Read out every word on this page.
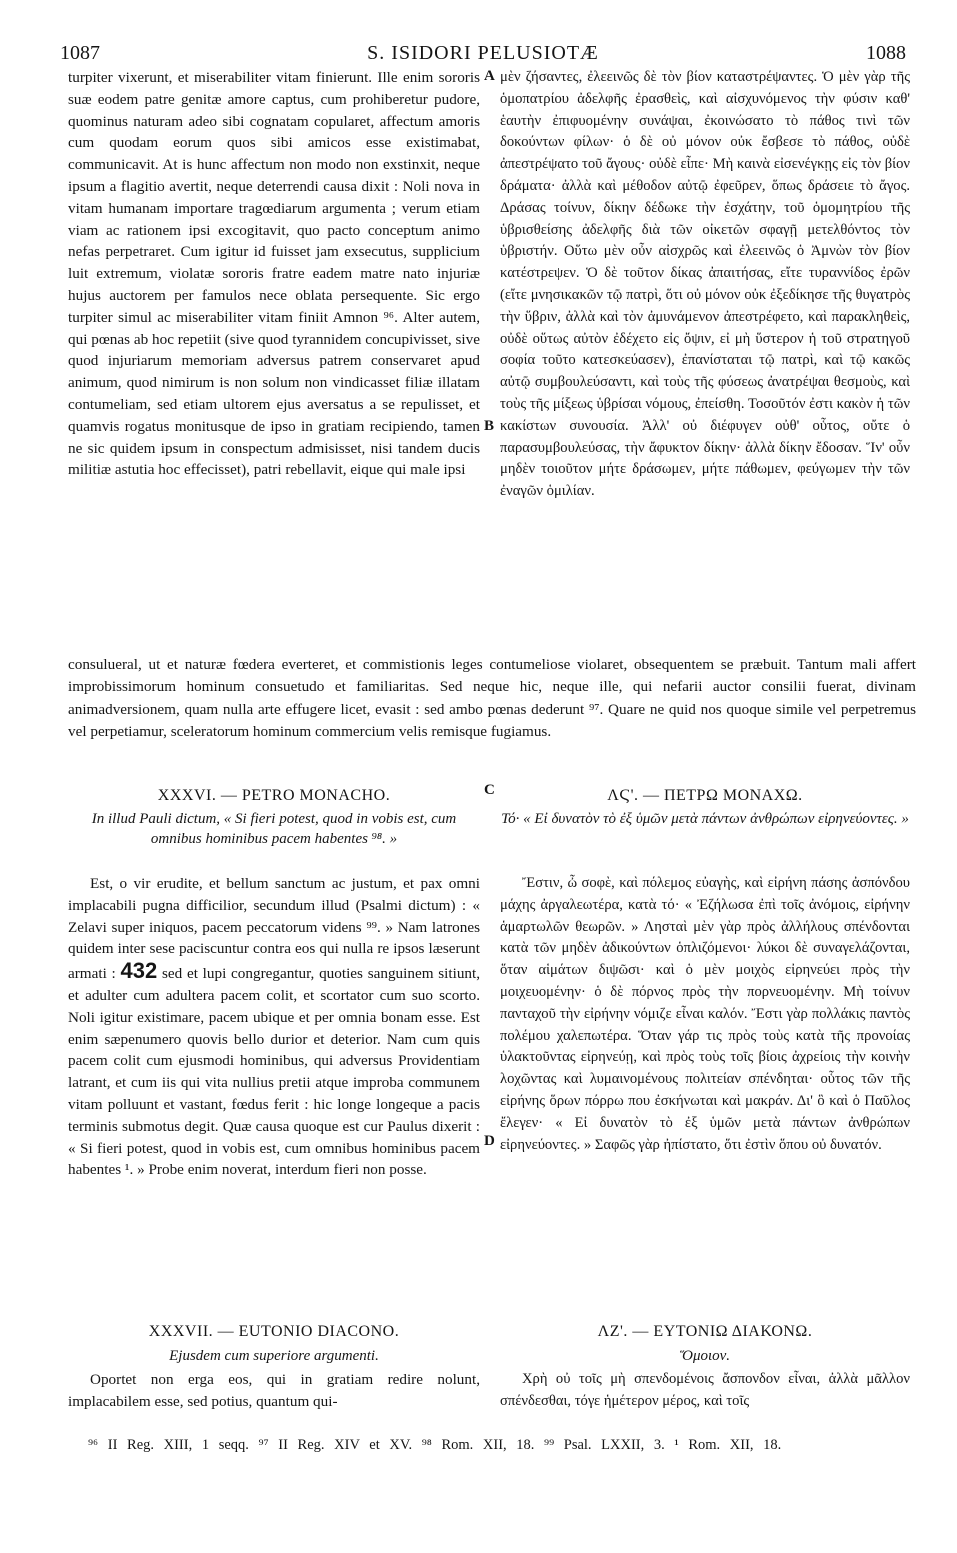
1087	S. ISIDORI PELUSIOTÆ	1088

turpiter vixerunt, et miserabiliter vitam finierunt. Ille enim sororis suæ eodem patre genitæ amore captus, cum prohiberetur pudore, quominus naturam adeo sibi cognatam copularet, affectum amoris cum quodam eorum quos sibi amicos esse existimabat, communicavit. At is hunc affectum non modo non exstinxit, neque ipsum a flagitio avertit, neque deterrendi causa dixit : Noli nova in vitam humanam importare tragœdiarum argumenta ; verum etiam viam ac rationem ipsi excogitavit, quo pacto conceptum animo nefas perpetraret. Cum igitur id fuisset jam exsecutus, supplicium luit extremum, violatæ sororis fratre eadem matre nato injuriæ hujus auctorem per famulos nece oblata persequente. Sic ergo turpiter simul ac miserabiliter vitam finiit Amnon ⁹⁶. Alter autem, qui pœnas ab hoc repetiit (sive quod tyrannidem concupivisset, sive quod injuriarum memoriam adversus patrem conservaret apud animum, quod nimirum is non solum non vindicasset filiæ illatam contumeliam, sed etiam ultorem ejus aversatus a se repulisset, et quamvis rogatus monitusque de ipso in gratiam recipiendo, tamen ne sic quidem ipsum in conspectum admisisset, nisi tandem ducis militiæ astutia hoc effecisset), patri rebellavit, eique qui male ipsi

A
B

μὲν ζήσαντες, ἐλεεινῶς δὲ τὸν βίον καταστρέψαντες. Ὁ μὲν γὰρ τῆς ὁμοπατρίου ἀδελφῆς ἐρασθεὶς, καὶ αἰσχυνόμενος τὴν φύσιν καθ' ἑαυτὴν ἐπιφυομένην συνάψαι, ἐκοινώσατο τὸ πάθος τινὶ τῶν δοκούντων φίλων· ὁ δὲ οὐ μόνον οὐκ ἔσβεσε τὸ πάθος, οὐδὲ ἀπεστρέψατο τοῦ ἄγους· οὐδὲ εἶπε· Μὴ καινὰ εἰσενέγκῃς εἰς τὸν βίον δράματα· ἀλλὰ καὶ μέθοδον αὐτῷ ἐφεῦρεν, ὅπως δράσειε τὸ ἄγος. Δράσας τοίνυν, δίκην δέδωκε τὴν ἐσχάτην, τοῦ ὁμομητρίου τῆς ὑβρισθείσης ἀδελφῆς διὰ τῶν οἰκετῶν σφαγῇ μετελθόντος τὸν ὑβριστήν. Οὕτω μὲν οὖν αἰσχρῶς καὶ ἐλεεινῶς ὁ Ἀμνὼν τὸν βίον κατέστρεψεν. Ὁ δὲ τοῦτον δίκας ἀπαιτήσας, εἴτε τυραννίδος ἐρῶν (εἴτε μνησικακῶν τῷ πατρὶ, ὅτι οὐ μόνον οὐκ ἐξεδίκησε τῆς θυγατρὸς τὴν ὕβριν, ἀλλὰ καὶ τὸν ἀμυνάμενον ἀπεστρέφετο, καὶ παρακληθεὶς, οὐδὲ οὕτως αὐτὸν ἐδέχετο εἰς ὄψιν, εἰ μὴ ὕστερον ἡ τοῦ στρατηγοῦ σοφία τοῦτο κατεσκεύασεν), ἐπανίσταται τῷ πατρὶ, καὶ τῷ κακῶς αὐτῷ συμβουλεύσαντι, καὶ τοὺς τῆς φύσεως ἀνατρέψαι θεσμοὺς, καὶ τοὺς τῆς μίξεως ὑβρίσαι νόμους, ἐπείσθη. Τοσοῦτόν ἐστι κακὸν ἡ τῶν κακίστων συνουσία. Ἀλλ' οὐ διέφυγεν οὐθ' οὗτος, οὔτε ὁ παρασυμβουλεύσας, τὴν ἄφυκτον δίκην· ἀλλὰ δίκην ἔδοσαν. Ἵν' οὖν μηδὲν τοιοῦτον μήτε δράσωμεν, μήτε πάθωμεν, φεύγωμεν τὴν τῶν ἐναγῶν ὁμιλίαν.

consulueral, ut et naturæ fœdera everteret, et commistionis leges contumeliose violaret, obsequentem se præbuit. Tantum mali affert improbissimorum hominum consuetudo et familiaritas. Sed neque hic, neque ille, qui nefarii auctor consilii fuerat, divinam animadversionem, quam nulla arte effugere licet, evasit : sed ambo pœnas dederunt ⁹⁷. Quare ne quid nos quoque simile vel perpetremus vel perpetiamur, sceleratorum hominum commercium velis remisque fugiamus.

C
XXXVI. — PETRO MONACHO.	ΛϚ'. — ΠΕΤΡΩ ΜΟΝΑΧΩ.
In illud Pauli dictum, « Si fieri potest, quod in vobis est, cum omnibus hominibus pacem habentes ⁹⁸. »
Τό· « Εἰ δυνατὸν τὸ ἐξ ὑμῶν μετὰ πάντων ἀνθρώπων εἰρηνεύοντες. »

Est, o vir erudite, et bellum sanctum ac justum, et pax omni implacabili pugna difficilior, secundum illud (Psalmi dictum) : « Zelavi super iniquos, pacem peccatorum videns ⁹⁹. » Nam latrones quidem inter sese paciscuntur contra eos qui nulla re ipsos læserunt armati : 432 sed et lupi congregantur, quoties sanguinem sitiunt, et adulter cum adultera pacem colit, et scortator cum suo scorto. Noli igitur existimare, pacem ubique et per omnia bonam esse. Est enim sæpenumero quovis bello durior et deterior. Nam cum quis pacem colit cum ejusmodi hominibus, qui adversus Providentiam latrant, et cum iis qui vita nullius pretii atque improba communem vitam polluunt et vastant, fœdus ferit : hic longe longeque a pacis terminis submotus degit. Quæ causa quoque est cur Paulus dixerit : « Si fieri potest, quod in vobis est, cum omnibus hominibus pacem habentes ¹. » Probe enim noverat, interdum fieri non posse.

D

Ἔστιν, ὦ σοφὲ, καὶ πόλεμος εὐαγὴς, καὶ εἰρήνη πάσης ἀσπόνδου μάχης ἀργαλεωτέρα, κατὰ τό· « Ἐζήλωσα ἐπὶ τοῖς ἀνόμοις, εἰρήνην ἁμαρτωλῶν θεωρῶν. » Λησταὶ μὲν γὰρ πρὸς ἀλλήλους σπένδονται κατὰ τῶν μηδὲν ἀδικούντων ὁπλιζόμενοι· λύκοι δὲ συναγελάζονται, ὅταν αἱμάτων διψῶσι· καὶ ὁ μὲν μοιχὸς εἰρηνεύει πρὸς τὴν μοιχευομένην· ὁ δὲ πόρνος πρὸς τὴν πορνευομένην. Μὴ τοίνυν πανταχοῦ τὴν εἰρήνην νόμιζε εἶναι καλόν. Ἔστι γὰρ πολλάκις παντὸς πολέμου χαλεπωτέρα. Ὅταν γάρ τις πρὸς τοὺς κατὰ τῆς προνοίας ὑλακτοῦντας εἰρηνεύῃ, καὶ πρὸς τοὺς τοῖς βίοις ἀχρείοις τὴν κοινὴν λοχῶντας καὶ λυμαινομένους πολιτείαν σπένδηται· οὗτος τῶν τῆς εἰρήνης ὅρων πόρρω που ἐσκήνωται καὶ μακράν. Δι' ὃ καὶ ὁ Παῦλος ἔλεγεν· « Εἰ δυνατὸν τὸ ἐξ ὑμῶν μετὰ πάντων ἀνθρώπων εἰρηνεύοντες. » Σαφῶς γὰρ ἠπίστατο, ὅτι ἐστὶν ὅπου οὐ δυνατόν.

XXXVII. — EUTONIO DIACONO.	ΛΖ'. — ΕΥΤΟΝΙΩ ΔΙΑΚΟΝΩ.
Ejusdem cum superiore argumenti.	Ὅμοιον.

Oportet non erga eos, qui in gratiam redire nolunt, implacabilem esse, sed potius, quantum qui-

Χρὴ οὐ τοῖς μὴ σπενδομένοις ἄσπονδον εἶναι, ἀλλὰ μᾶλλον σπένδεσθαι, τόγε ἡμέτερον μέρος, καὶ τοῖς

⁹⁶ II Reg. XIII, 1 seqq. ⁹⁷ II Reg. XIV et XV. ⁹⁸ Rom. XII, 18. ⁹⁹ Psal. LXXII, 3. ¹ Rom. XII, 18.
